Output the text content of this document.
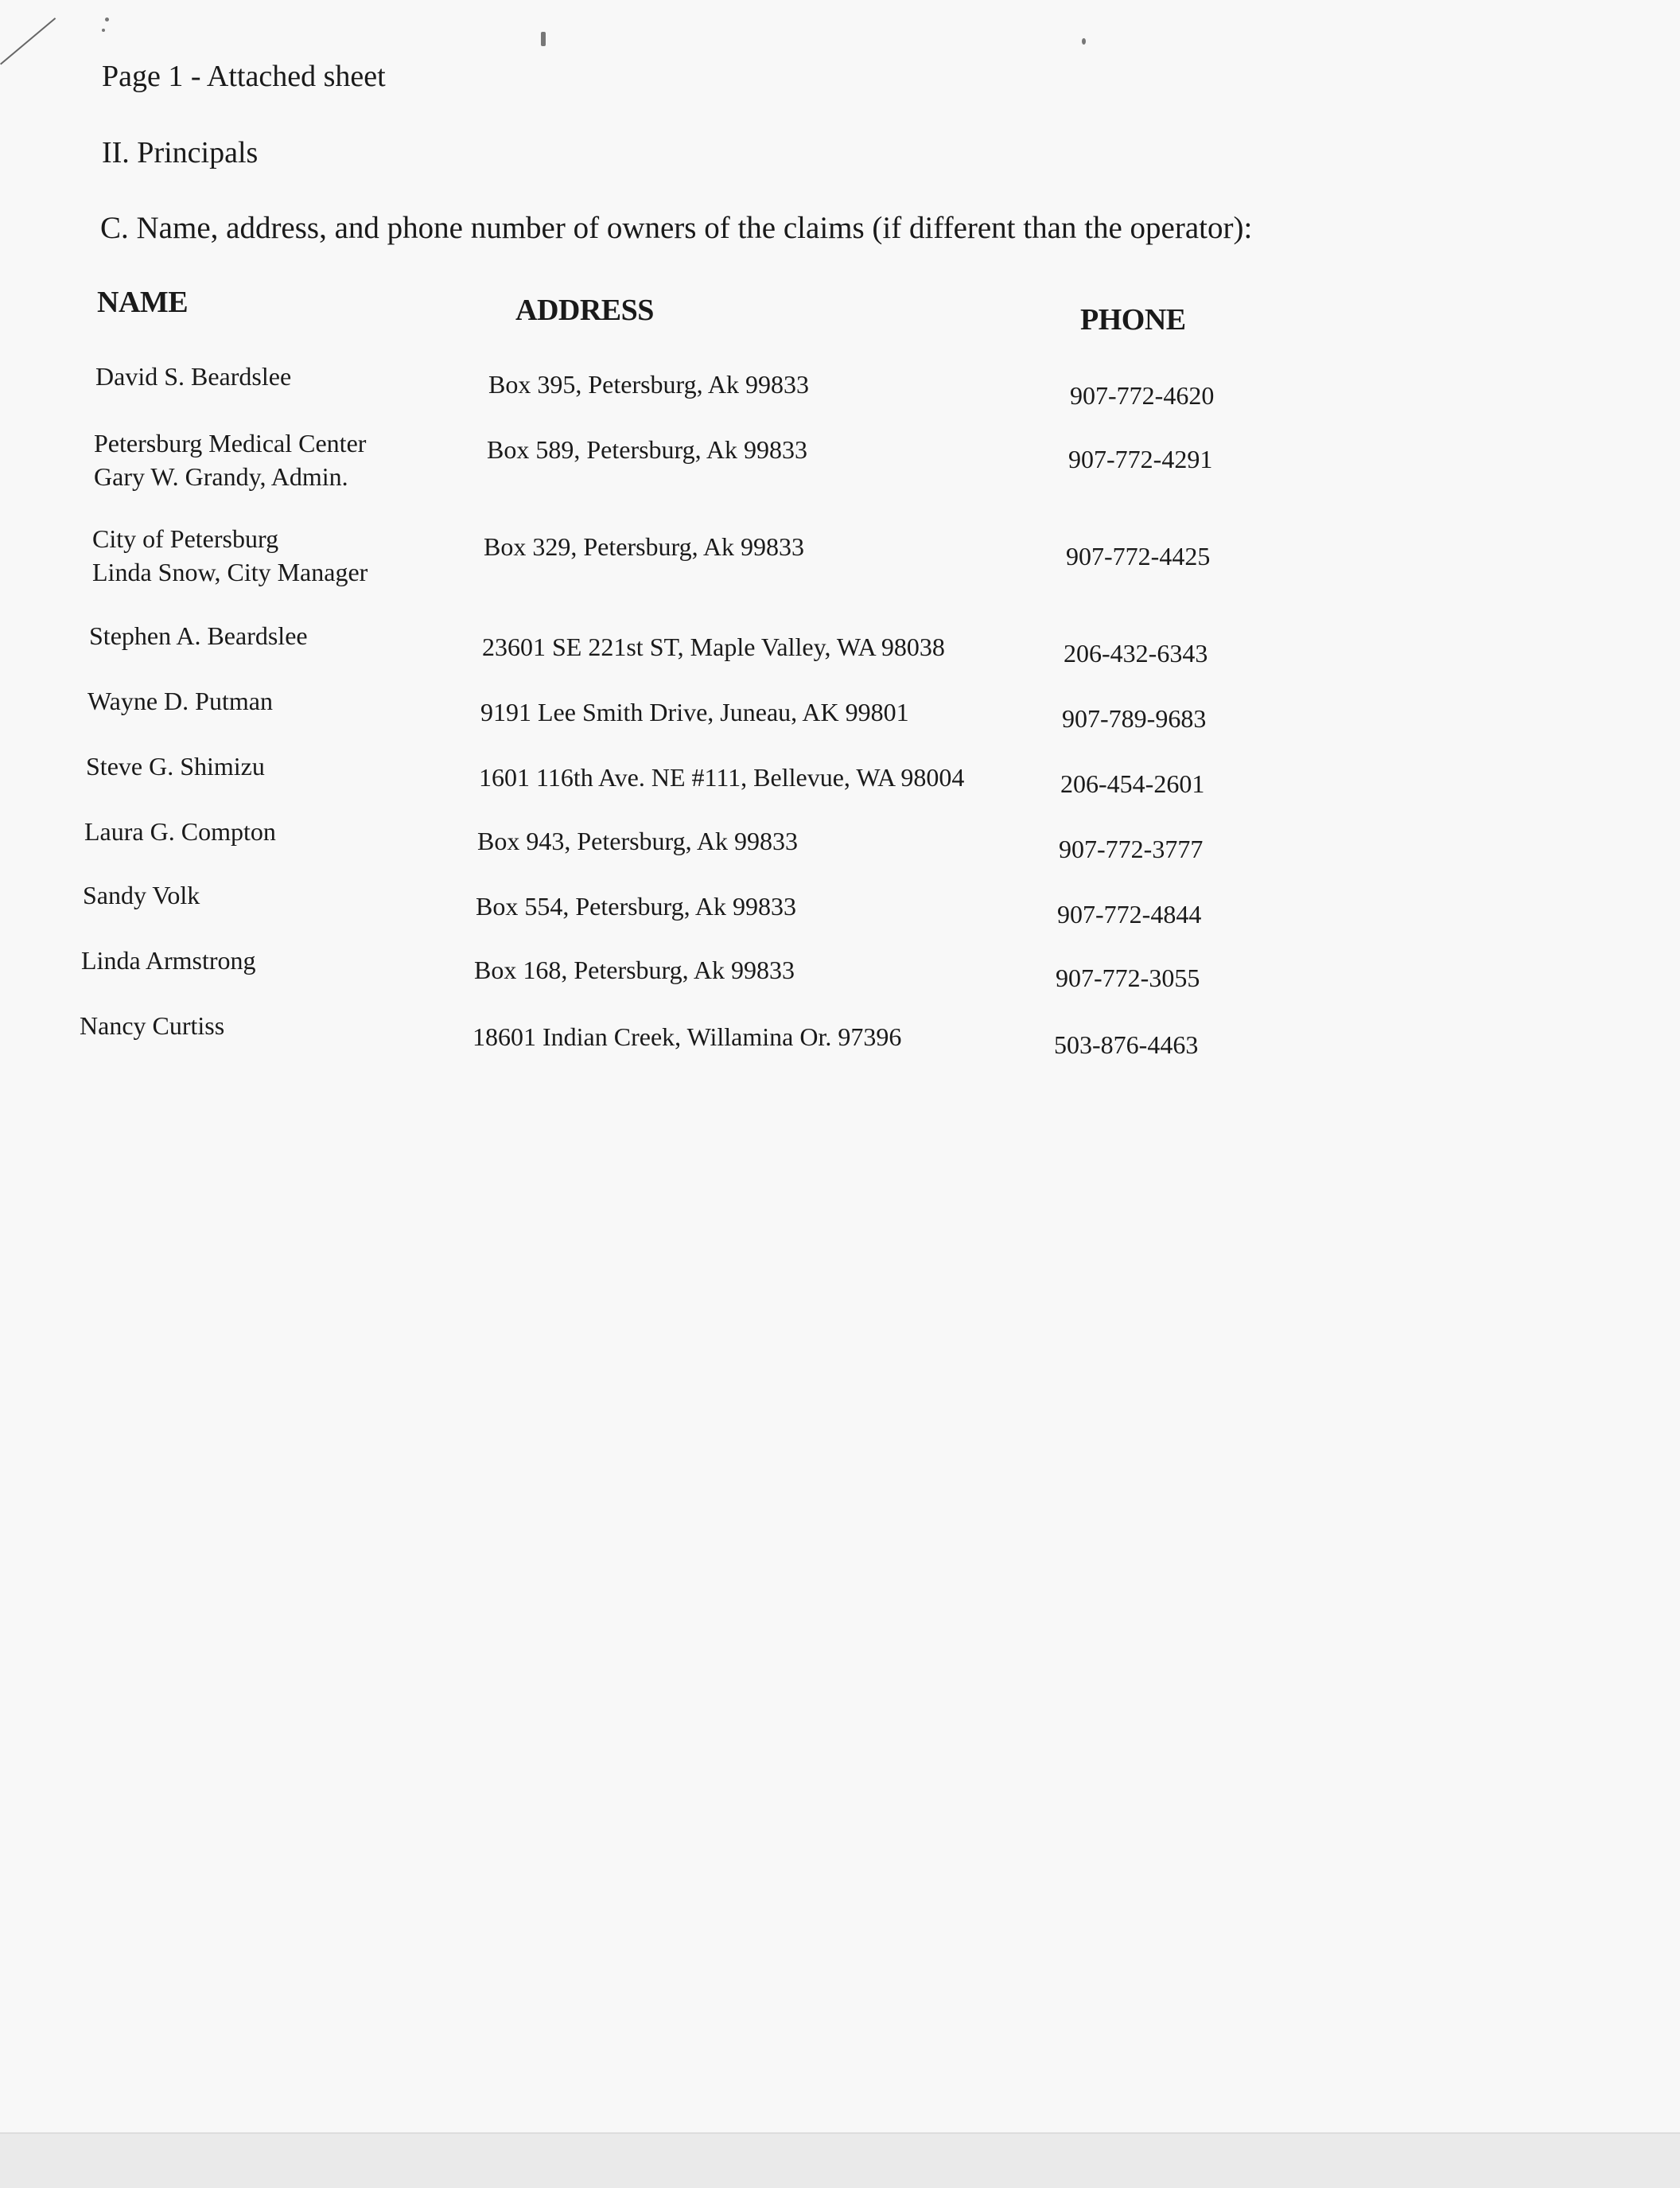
Page 1 - Attached sheet
II. Principals
C. Name, address, and phone number of owners of the claims (if different than the operator):
NAME	ADDRESS	PHONE
David S. Beardslee	Box 395, Petersburg, Ak 99833	907-772-4620
Petersburg Medical Center
Gary W. Grandy, Admin.
Box 589, Petersburg, Ak 99833	907-772-4291
City of Petersburg
Linda Snow, City Manager
Box 329, Petersburg, Ak 99833	907-772-4425
Stephen A. Beardslee	23601 SE 221st ST, Maple Valley, WA 98038	206-432-6343
Wayne D. Putman	9191 Lee Smith Drive, Juneau, AK 99801	907-789-9683
Steve G. Shimizu	1601 116th Ave. NE #111, Bellevue, WA 98004	206-454-2601
Laura G. Compton	Box 943, Petersburg, Ak 99833	907-772-3777
Sandy Volk	Box 554, Petersburg, Ak 99833	907-772-4844
Linda Armstrong	Box 168, Petersburg, Ak 99833	907-772-3055
Nancy Curtiss	18601 Indian Creek, Willamina Or. 97396	503-876-4463
